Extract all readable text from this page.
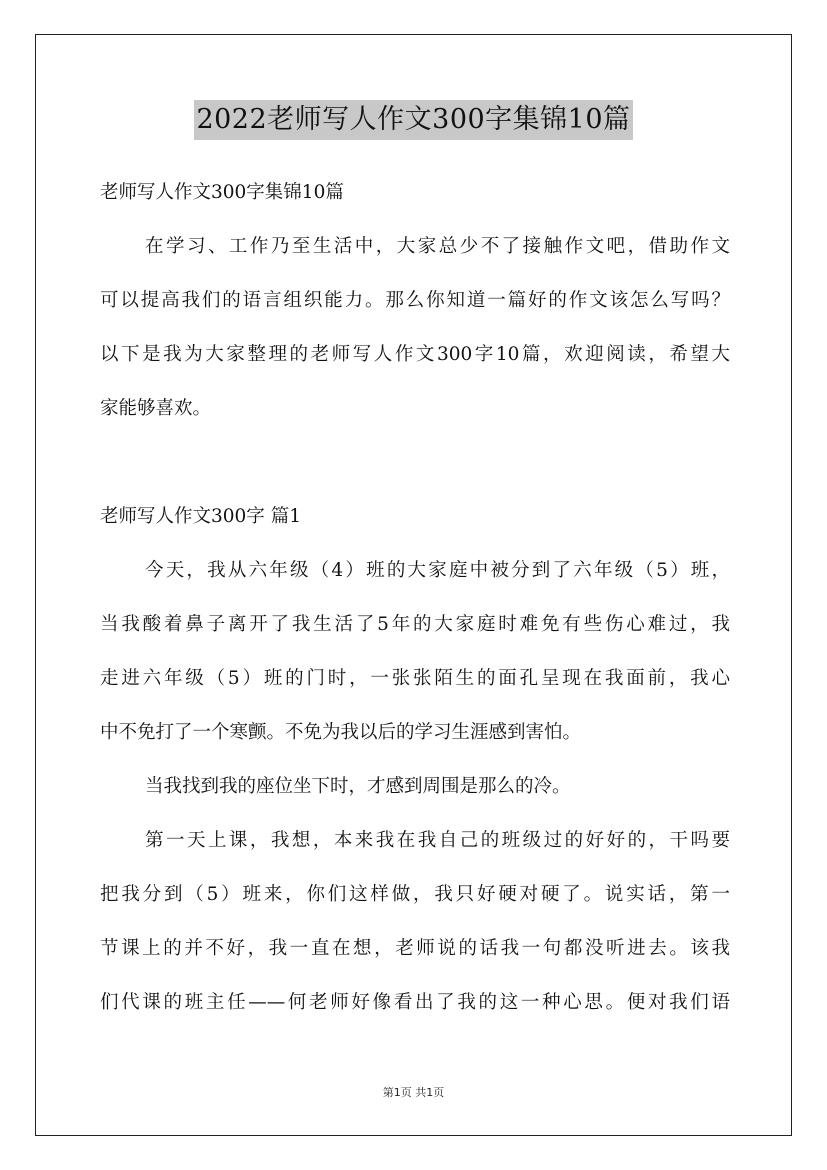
2022老师写人作文300字集锦10篇
老师写人作文300字集锦10篇
在学习、工作乃至生活中，大家总少不了接触作文吧，借助作文
可以提高我们的语言组织能力。那么你知道一篇好的作文该怎么写吗？
以下是我为大家整理的老师写人作文300字10篇，欢迎阅读，希望大
家能够喜欢。
老师写人作文300字 篇1
今天，我从六年级（4）班的大家庭中被分到了六年级（5）班，
当我酸着鼻子离开了我生活了5年的大家庭时难免有些伤心难过，我
走进六年级（5）班的门时，一张张陌生的面孔呈现在我面前，我心
中不免打了一个寒颤。不免为我以后的学习生涯感到害怕。
当我找到我的座位坐下时，才感到周围是那么的冷。
第一天上课，我想，本来我在我自己的班级过的好好的，干吗要
把我分到（5）班来，你们这样做，我只好硬对硬了。说实话，第一
节课上的并不好，我一直在想，老师说的话我一句都没听进去。该我
们代课的班主任——何老师好像看出了我的这一种心思。便对我们语
第1页 共1页
